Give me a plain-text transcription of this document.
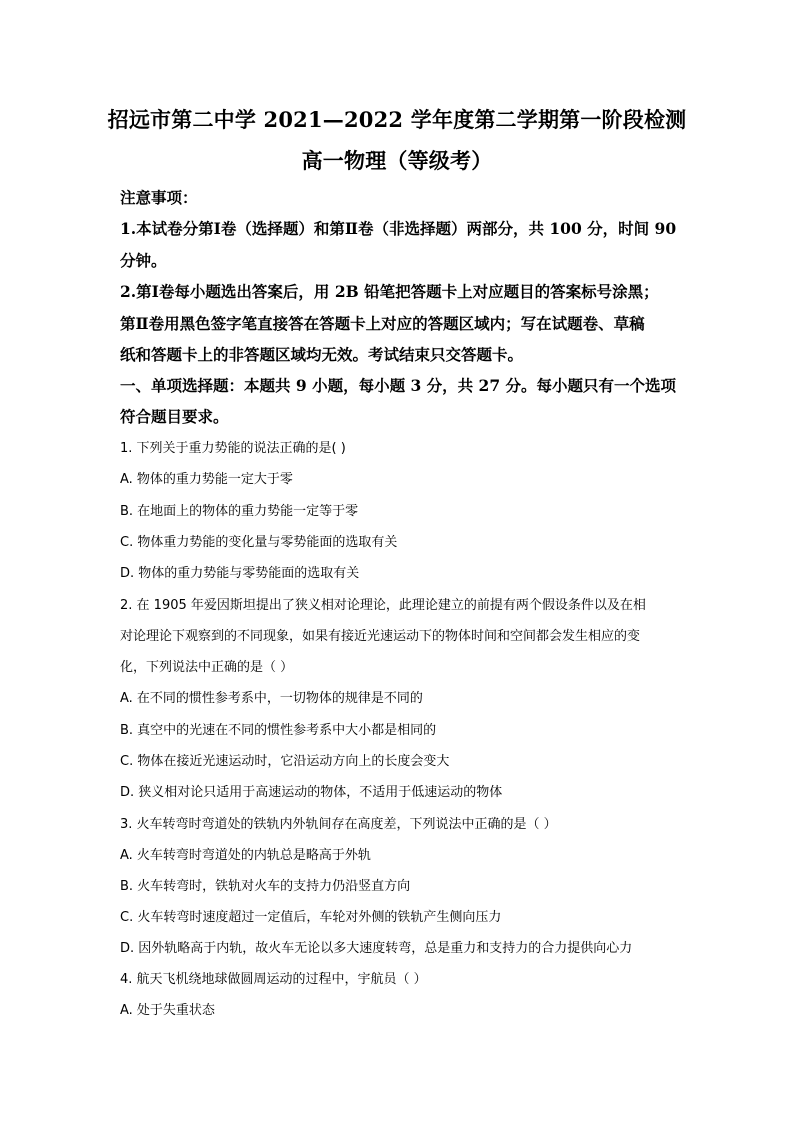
招远市第二中学 2021—2022 学年度第二学期第一阶段检测
高一物理（等级考）
注意事项：
1.本试卷分第Ⅰ卷（选择题）和第Ⅱ卷（非选择题）两部分，共 100 分，时间 90
分钟。
2.第Ⅰ卷每小题选出答案后，用 2B 铅笔把答题卡上对应题目的答案标号涂黑；
第Ⅱ卷用黑色签字笔直接答在答题卡上对应的答题区域内；写在试题卷、草稿
纸和答题卡上的非答题区域均无效。考试结束只交答题卡。
一、单项选择题：本题共 9 小题，每小题 3 分，共 27 分。每小题只有一个选项
符合题目要求。
1. 下列关于重力势能的说法正确的是( )
A. 物体的重力势能一定大于零
B. 在地面上的物体的重力势能一定等于零
C. 物体重力势能的变化量与零势能面的选取有关
D. 物体的重力势能与零势能面的选取有关
2. 在 1905 年爱因斯坦提出了狭义相对论理论，此理论建立的前提有两个假设条件以及在相
对论理论下观察到的不同现象，如果有接近光速运动下的物体时间和空间都会发生相应的变
化，下列说法中正确的是（ ）
A. 在不同的惯性参考系中，一切物体的规律是不同的
B. 真空中的光速在不同的惯性参考系中大小都是相同的
C. 物体在接近光速运动时，它沿运动方向上的长度会变大
D. 狭义相对论只适用于高速运动的物体，不适用于低速运动的物体
3. 火车转弯时弯道处的铁轨内外轨间存在高度差，下列说法中正确的是（ ）
A. 火车转弯时弯道处的内轨总是略高于外轨
B. 火车转弯时，铁轨对火车的支持力仍沿竖直方向
C. 火车转弯时速度超过一定值后，车轮对外侧的铁轨产生侧向压力
D. 因外轨略高于内轨，故火车无论以多大速度转弯，总是重力和支持力的合力提供向心力
4. 航天飞机绕地球做圆周运动的过程中，宇航员（ ）
A. 处于失重状态
